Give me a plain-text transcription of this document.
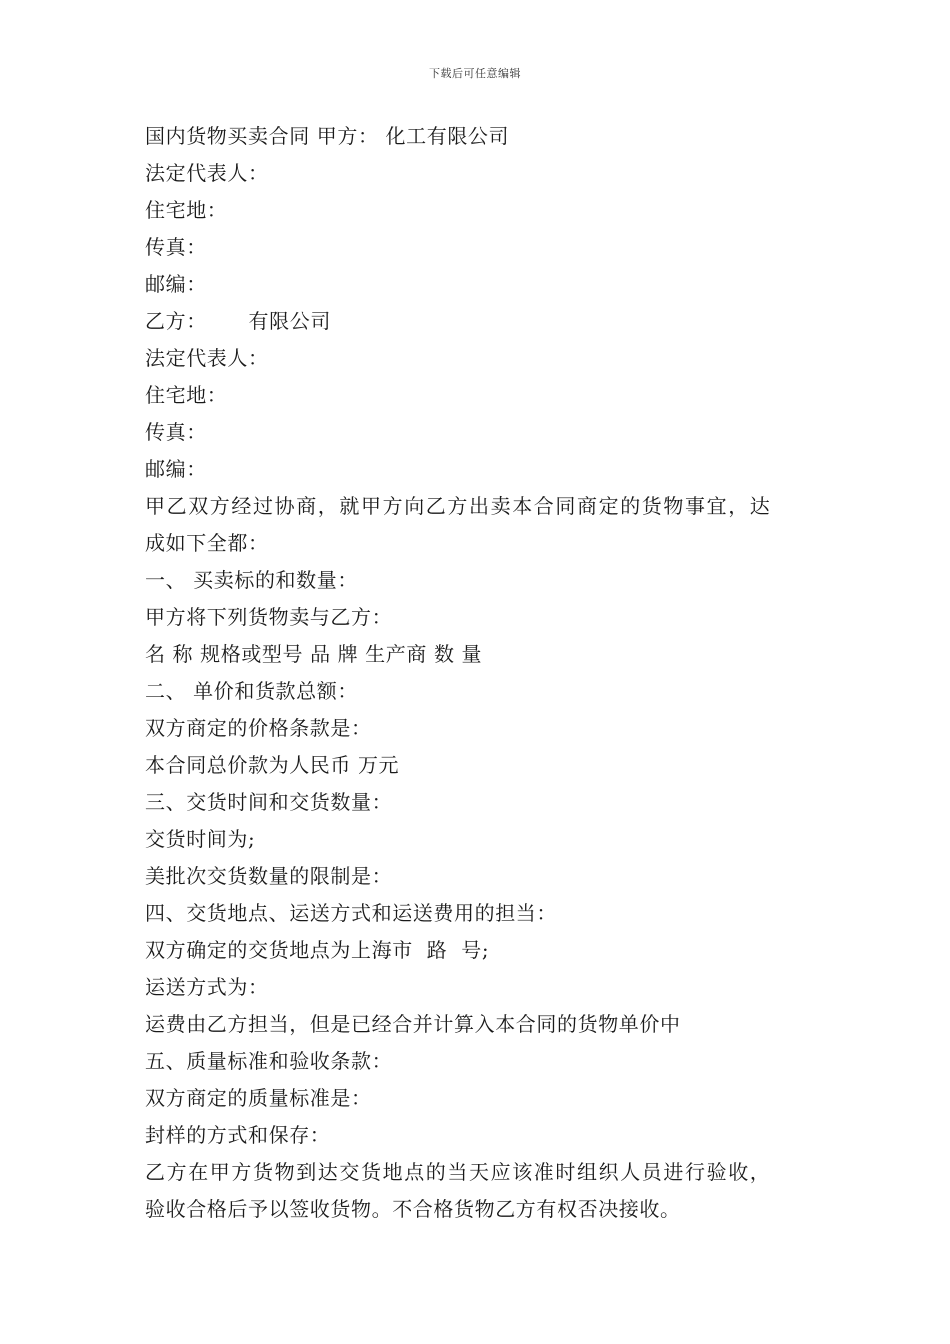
下载后可任意编辑
国内货物买卖合同 甲方： 化工有限公司
法定代表人：
住宅地：
传真：
邮编：
乙方：      有限公司
法定代表人：
住宅地：
传真：
邮编：
甲乙双方经过协商，就甲方向乙方出卖本合同商定的货物事宜，达
成如下全都：
一、 买卖标的和数量：
甲方将下列货物卖与乙方：
名 称 规格或型号 品 牌 生产商 数 量
二、 单价和货款总额：
双方商定的价格条款是：
本合同总价款为人民币 万元
三、交货时间和交货数量：
交货时间为;
美批次交货数量的限制是：
四、交货地点、运送方式和运送费用的担当：
双方确定的交货地点为上海市  路  号;
运送方式为：
运费由乙方担当，但是已经合并计算入本合同的货物单价中
五、质量标准和验收条款：
双方商定的质量标准是：
封样的方式和保存：
乙方在甲方货物到达交货地点的当天应该准时组织人员进行验收，
验收合格后予以签收货物。不合格货物乙方有权否决接收。
